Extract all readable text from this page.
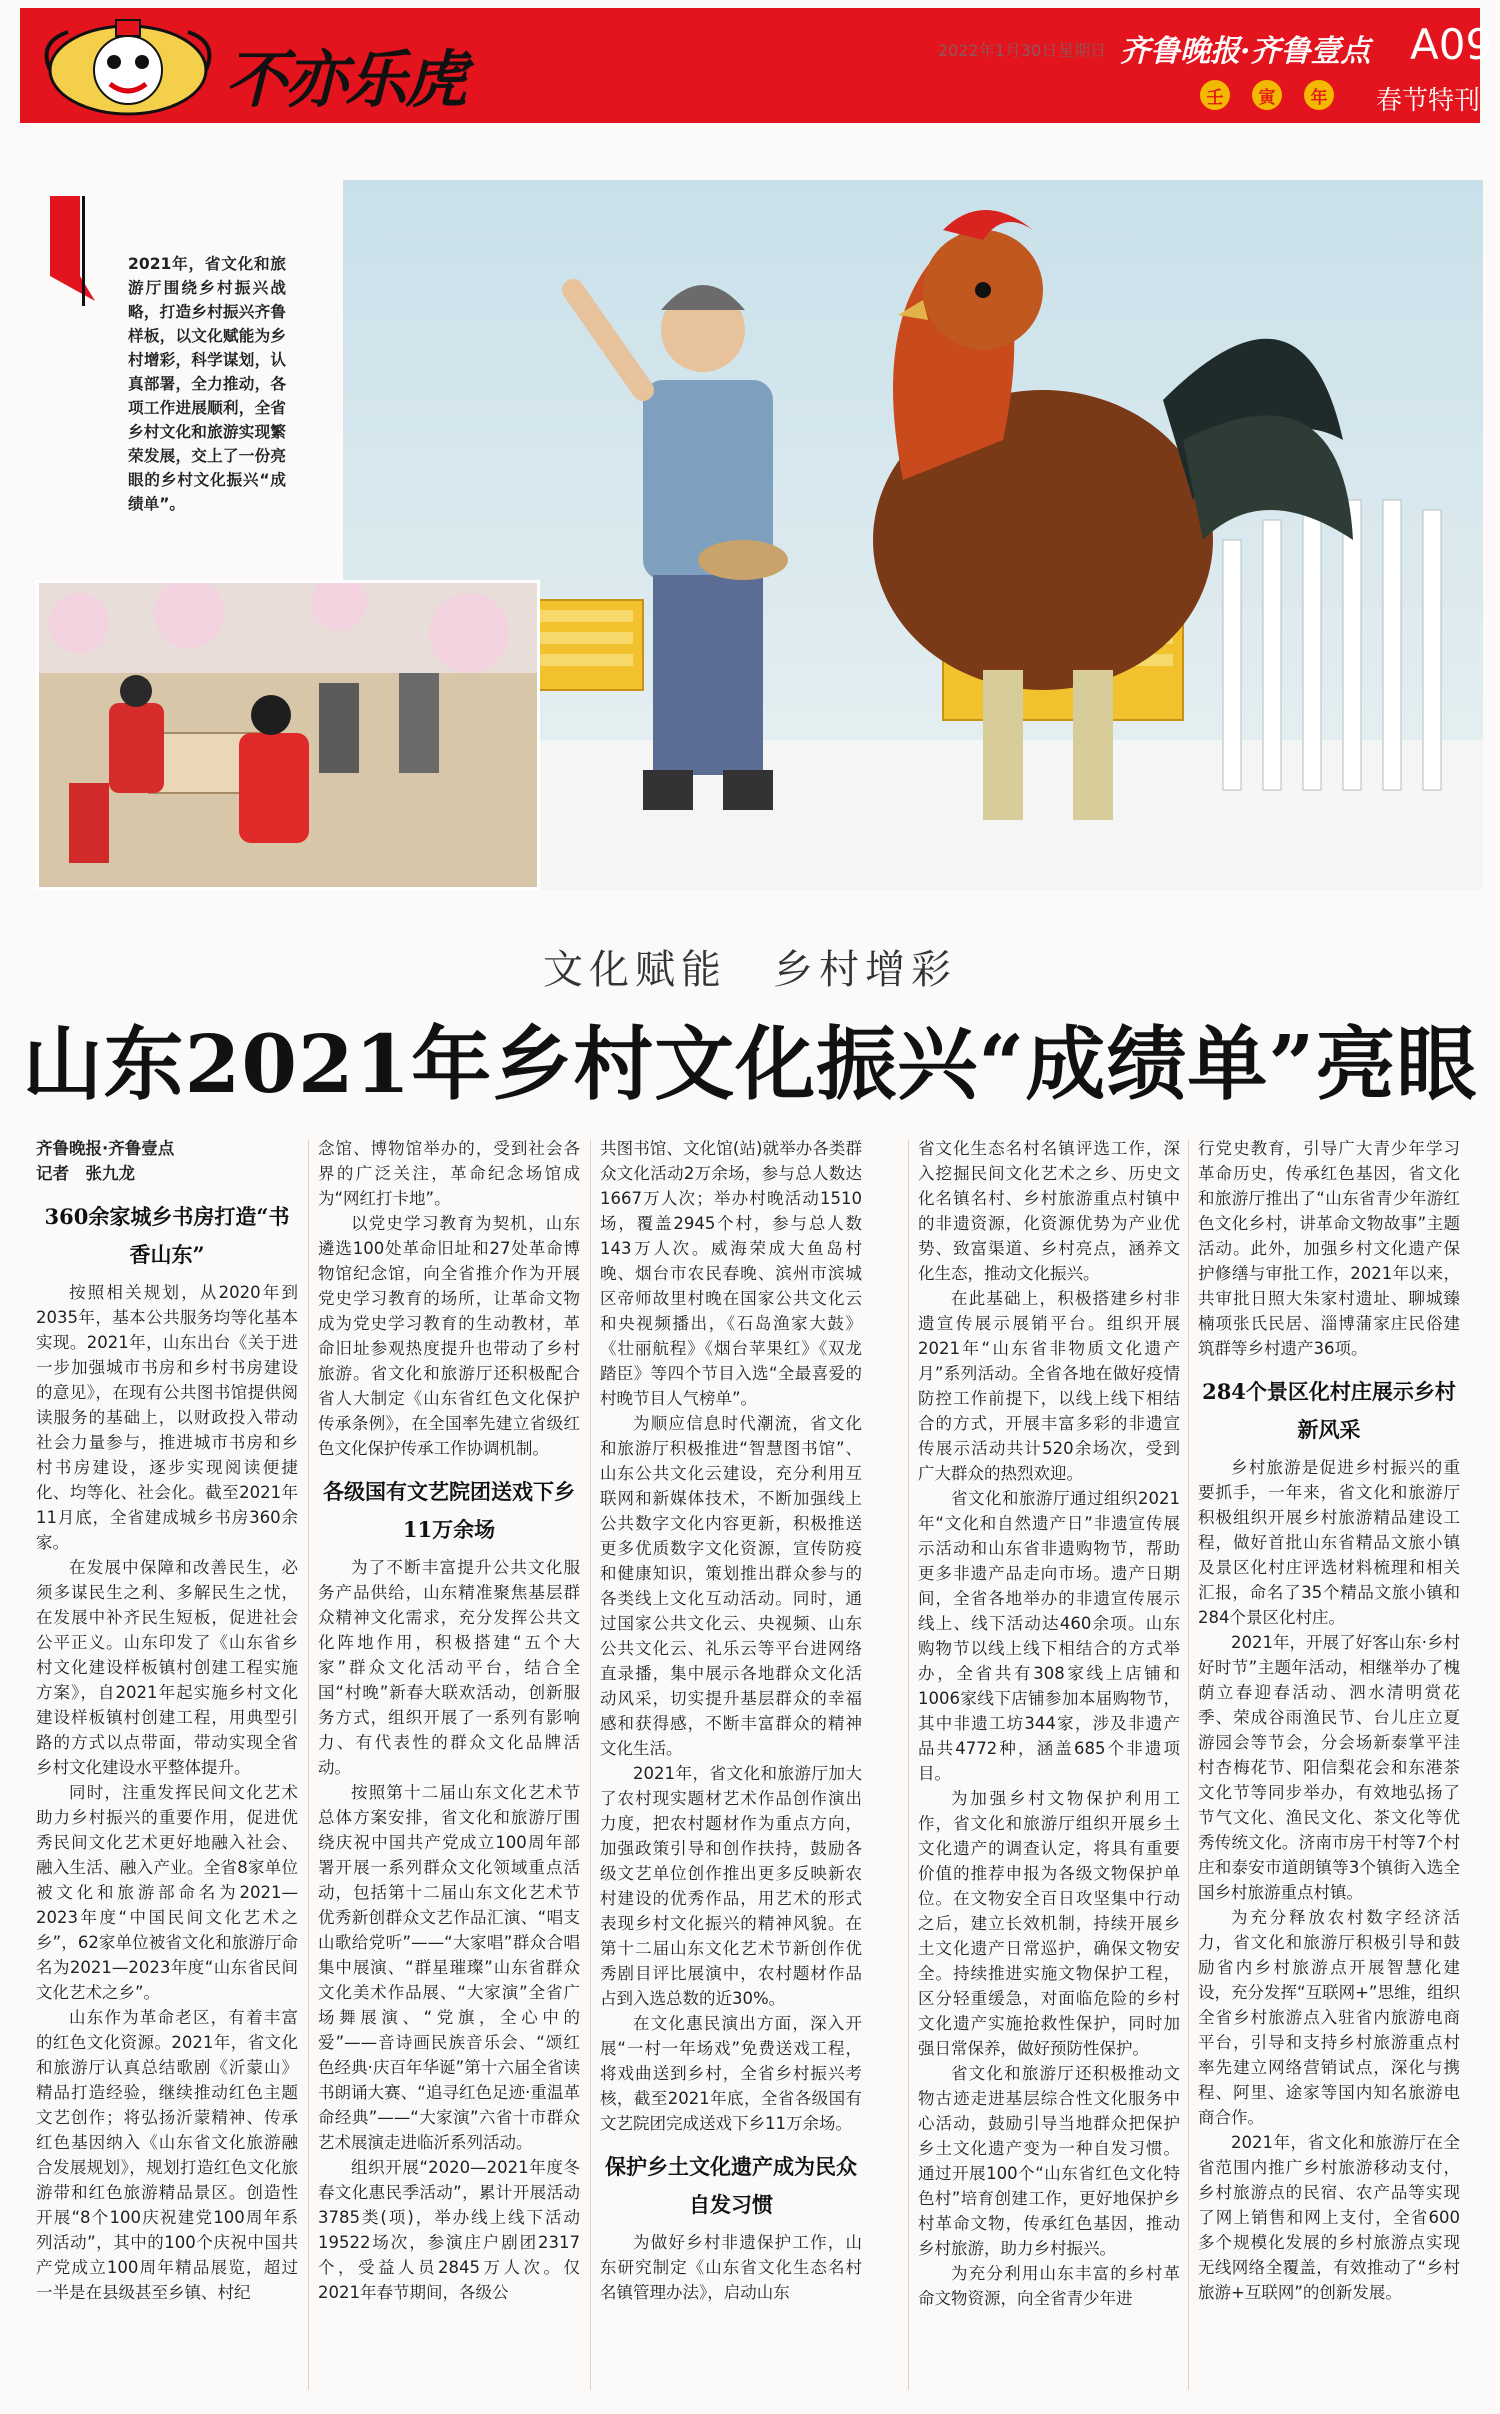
不亦乐虎	2022年1月30日 星期日 齐鲁晚报·齐鲁壹点 A09
壬	寅	年 春节特刊
2021年，省文化和旅游厅围绕乡村振兴战略，打造乡村振兴齐鲁样板，以文化赋能为乡村增彩，科学谋划，认真部署，全力推动，各项工作进展顺利，全省乡村文化和旅游实现繁荣发展，交上了一份亮眼的乡村文化振兴“成绩单”。
文化赋能　乡村增彩
山东2021年乡村文化振兴“成绩单”亮眼

齐鲁晚报·齐鲁壹点

记者　张九龙

360余家城乡书房打造“书香山东”

按照相关规划，从2020年到2035年，基本公共服务均等化基本实现。2021年，山东出台《关于进一步加强城市书房和乡村书房建设的意见》，在现有公共图书馆提供阅读服务的基础上，以财政投入带动社会力量参与，推进城市书房和乡村书房建设，逐步实现阅读便捷化、均等化、社会化。截至2021年11月底，全省建成城乡书房360余家。

在发展中保障和改善民生，必须多谋民生之利、多解民生之忧，在发展中补齐民生短板，促进社会公平正义。山东印发了《山东省乡村文化建设样板镇村创建工程实施方案》，自2021年起实施乡村文化建设样板镇村创建工程，用典型引路的方式以点带面，带动实现全省乡村文化建设水平整体提升。

同时，注重发挥民间文化艺术助力乡村振兴的重要作用，促进优秀民间文化艺术更好地融入社会、融入生活、融入产业。全省8家单位被文化和旅游部命名为2021—2023年度“中国民间文化艺术之乡”，62家单位被省文化和旅游厅命名为2021—2023年度“山东省民间文化艺术之乡”。

山东作为革命老区，有着丰富的红色文化资源。2021年，省文化和旅游厅认真总结歌剧《沂蒙山》精品打造经验，继续推动红色主题文艺创作；将弘扬沂蒙精神、传承红色基因纳入《山东省文化旅游融合发展规划》，规划打造红色文化旅游带和红色旅游精品景区。创造性开展“8个100庆祝建党100周年系列活动”，其中的100个庆祝中国共产党成立100周年精品展览，超过一半是在县级甚至乡镇、村纪

念馆、博物馆举办的，受到社会各界的广泛关注，革命纪念场馆成为“网红打卡地”。

以党史学习教育为契机，山东遴选100处革命旧址和27处革命博物馆纪念馆，向全省推介作为开展党史学习教育的场所，让革命文物成为党史学习教育的生动教材，革命旧址参观热度提升也带动了乡村旅游。省文化和旅游厅还积极配合省人大制定《山东省红色文化保护传承条例》，在全国率先建立省级红色文化保护传承工作协调机制。

各级国有文艺院团送戏下乡11万余场

为了不断丰富提升公共文化服务产品供给，山东精准聚焦基层群众精神文化需求，充分发挥公共文化阵地作用，积极搭建“五个大家”群众文化活动平台，结合全国“村晚”新春大联欢活动，创新服务方式，组织开展了一系列有影响力、有代表性的群众文化品牌活动。

按照第十二届山东文化艺术节总体方案安排，省文化和旅游厅围绕庆祝中国共产党成立100周年部署开展一系列群众文化领域重点活动，包括第十二届山东文化艺术节优秀新创群众文艺作品汇演、“唱支山歌给党听”——“大家唱”群众合唱集中展演、“群星璀璨”山东省群众文化美术作品展、“大家演”全省广场舞展演、“党旗，全心中的爱”——音诗画民族音乐会、“颂红色经典·庆百年华诞”第十六届全省读书朗诵大赛、“追寻红色足迹·重温革命经典”——“大家演”六省十市群众艺术展演走进临沂系列活动。

组织开展“2020—2021年度冬春文化惠民季活动”，累计开展活动3785类(项)，举办线上线下活动19522场次，参演庄户剧团2317个，受益人员2845万人次。仅2021年春节期间，各级公

共图书馆、文化馆(站)就举办各类群众文化活动2万余场，参与总人数达1667万人次；举办村晚活动1510场，覆盖2945个村，参与总人数143万人次。威海荣成大鱼岛村晚、烟台市农民春晚、滨州市滨城区帝师故里村晚在国家公共文化云和央视频播出，《石岛渔家大鼓》《壮丽航程》《烟台苹果红》《双龙踏臣》等四个节目入选“全最喜爱的村晚节目人气榜单”。

为顺应信息时代潮流，省文化和旅游厅积极推进“智慧图书馆”、山东公共文化云建设，充分利用互联网和新媒体技术，不断加强线上公共数字文化内容更新，积极推送更多优质数字文化资源，宣传防疫和健康知识，策划推出群众参与的各类线上文化互动活动。同时，通过国家公共文化云、央视频、山东公共文化云、礼乐云等平台进网络直录播，集中展示各地群众文化活动风采，切实提升基层群众的幸福感和获得感，不断丰富群众的精神文化生活。

2021年，省文化和旅游厅加大了农村现实题材艺术作品创作演出力度，把农村题材作为重点方向，加强政策引导和创作扶持，鼓励各级文艺单位创作推出更多反映新农村建设的优秀作品，用艺术的形式表现乡村文化振兴的精神风貌。在第十二届山东文化艺术节新创作优秀剧目评比展演中，农村题材作品占到入选总数的近30%。

在文化惠民演出方面，深入开展“一村一年场戏”免费送戏工程，将戏曲送到乡村，全省乡村振兴考核，截至2021年底，全省各级国有文艺院团完成送戏下乡11万余场。

保护乡土文化遗产成为民众自发习惯

为做好乡村非遗保护工作，山东研究制定《山东省文化生态名村名镇管理办法》，启动山东

省文化生态名村名镇评选工作，深入挖掘民间文化艺术之乡、历史文化名镇名村、乡村旅游重点村镇中的非遗资源，化资源优势为产业优势、致富渠道、乡村亮点，涵养文化生态，推动文化振兴。

在此基础上，积极搭建乡村非遗宣传展示展销平台。组织开展2021年“山东省非物质文化遗产月”系列活动。全省各地在做好疫情防控工作前提下，以线上线下相结合的方式，开展丰富多彩的非遗宣传展示活动共计520余场次，受到广大群众的热烈欢迎。

省文化和旅游厅通过组织2021年“文化和自然遗产日”非遗宣传展示活动和山东省非遗购物节，帮助更多非遗产品走向市场。遗产日期间，全省各地举办的非遗宣传展示线上、线下活动达460余项。山东购物节以线上线下相结合的方式举办，全省共有308家线上店铺和1006家线下店铺参加本届购物节，其中非遗工坊344家，涉及非遗产品共4772种，涵盖685个非遗项目。

为加强乡村文物保护利用工作，省文化和旅游厅组织开展乡土文化遗产的调查认定，将具有重要价值的推荐申报为各级文物保护单位。在文物安全百日攻坚集中行动之后，建立长效机制，持续开展乡土文化遗产日常巡护，确保文物安全。持续推进实施文物保护工程，区分轻重缓急，对面临危险的乡村文化遗产实施抢救性保护，同时加强日常保养，做好预防性保护。

省文化和旅游厅还积极推动文物古迹走进基层综合性文化服务中心活动，鼓励引导当地群众把保护乡土文化遗产变为一种自发习惯。通过开展100个“山东省红色文化特色村”培育创建工作，更好地保护乡村革命文物，传承红色基因，推动乡村旅游，助力乡村振兴。

为充分利用山东丰富的乡村革命文物资源，向全省青少年进

行党史教育，引导广大青少年学习革命历史，传承红色基因，省文化和旅游厅推出了“山东省青少年游红色文化乡村，讲革命文物故事”主题活动。此外，加强乡村文化遗产保护修缮与审批工作，2021年以来，共审批日照大朱家村遗址、聊城臻楠项张氏民居、淄博蒲家庄民俗建筑群等乡村遗产36项。

284个景区化村庄展示乡村新风采

乡村旅游是促进乡村振兴的重要抓手，一年来，省文化和旅游厅积极组织开展乡村旅游精品建设工程，做好首批山东省精品文旅小镇及景区化村庄评选材料梳理和相关汇报，命名了35个精品文旅小镇和284个景区化村庄。

2021年，开展了好客山东·乡村好时节”主题年活动，相继举办了槐荫立春迎春活动、泗水清明赏花季、荣成谷雨渔民节、台儿庄立夏游园会等节会，分会场新泰掌平洼村杏梅花节、阳信梨花会和东港茶文化节等同步举办，有效地弘扬了节气文化、渔民文化、茶文化等优秀传统文化。济南市房干村等7个村庄和泰安市道朗镇等3个镇街入选全国乡村旅游重点村镇。

为充分释放农村数字经济活力，省文化和旅游厅积极引导和鼓励省内乡村旅游点开展智慧化建设，充分发挥“互联网+”思维，组织全省乡村旅游点入驻省内旅游电商平台，引导和支持乡村旅游重点村率先建立网络营销试点，深化与携程、阿里、途家等国内知名旅游电商合作。

2021年，省文化和旅游厅在全省范围内推广乡村旅游移动支付，乡村旅游点的民宿、农产品等实现了网上销售和网上支付，全省600多个规模化发展的乡村旅游点实现无线网络全覆盖，有效推动了“乡村旅游+互联网”的创新发展。
